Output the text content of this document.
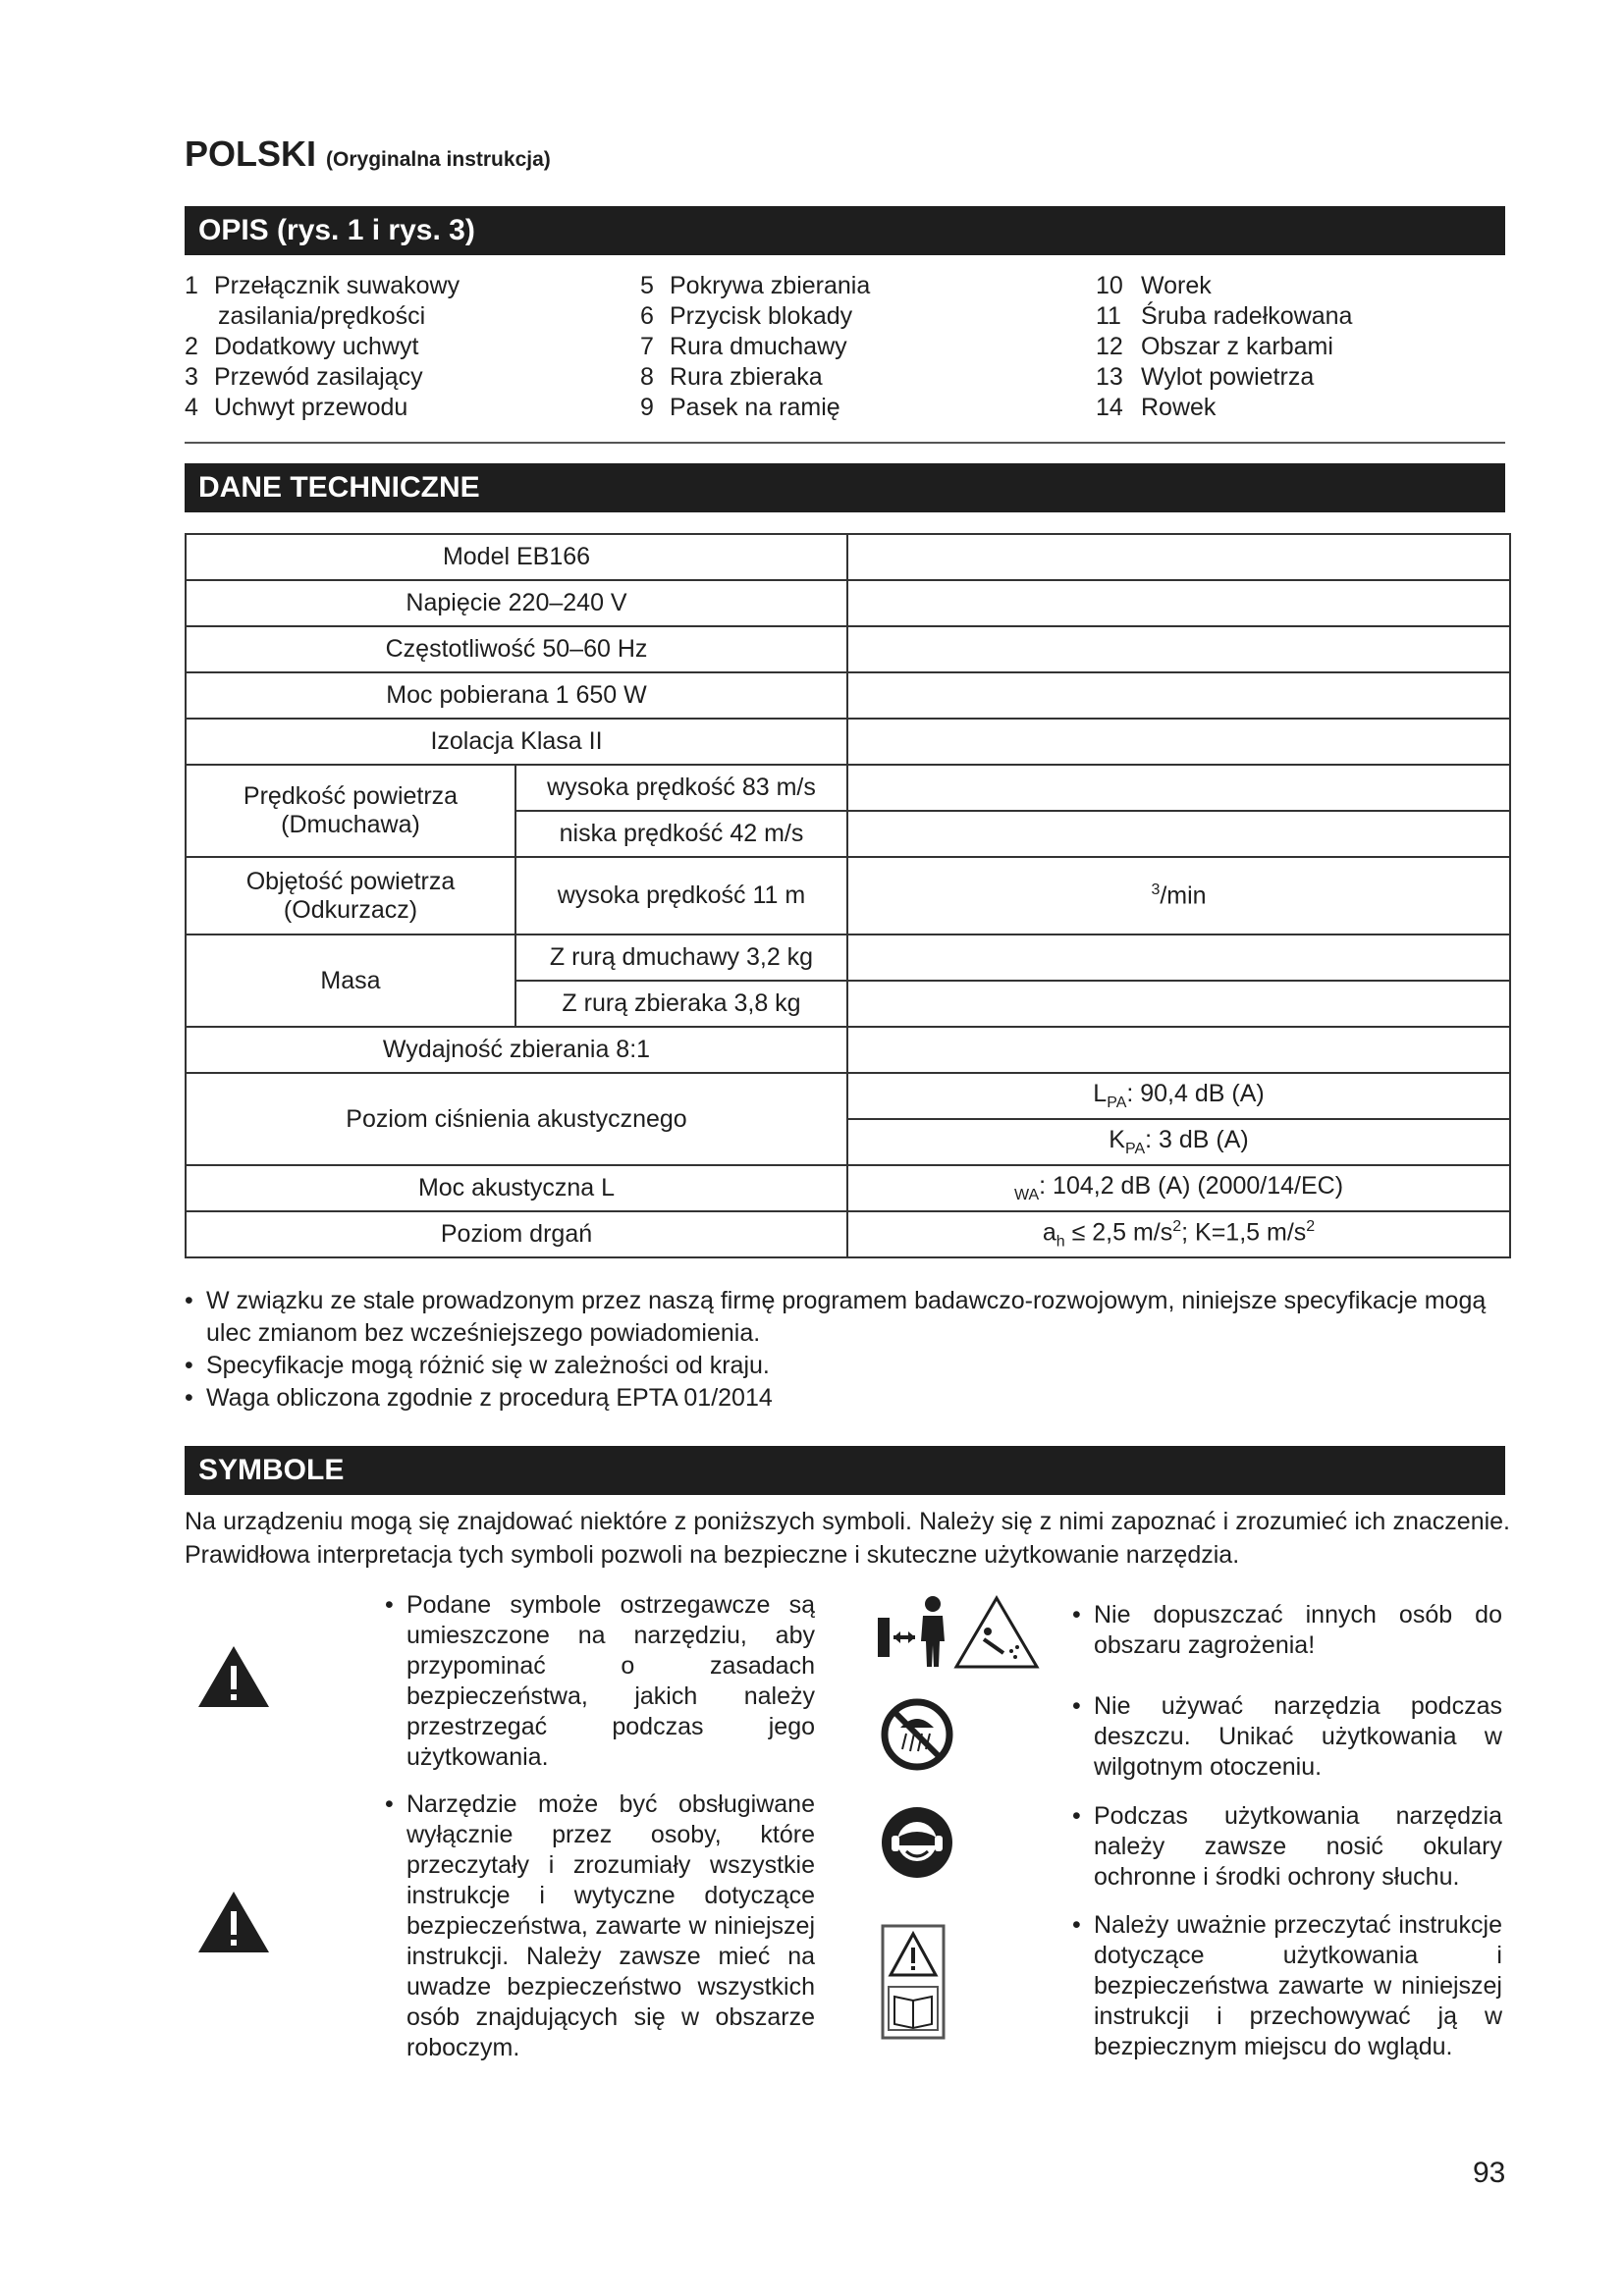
POLSKI (Oryginalna instrukcja)
OPIS (rys. 1 i rys. 3)
1 Przełącznik suwakowy
zasilania/prędkości
2 Dodatkowy uchwyt
3 Przewód zasilający
4 Uchwyt przewodu
5 Pokrywa zbierania
6 Przycisk blokady
7 Rura dmuchawy
8 Rura zbieraka
9 Pasek na ramię
10 Worek
11 Śruba radełkowana
12 Obszar z karbami
13 Wylot powietrza
14 Rowek
DANE TECHNICZNE
Model EB166		
Napięcie 220–240 V		
Częstotliwość 50–60 Hz		
Moc pobierana 1 650 W		
Izolacja Klasa II		

Prędkość powietrza
(Dmuchawa)	wysoka prędkość 83 m/s	
	niska prędkość 42 m/s	

Objętość powietrza
(Odkurzacz)	wysoka prędkość 11 m	$^3$/min
Masa	Z rurą dmuchawy 3,2 kg	
	Z rurą zbieraka 3,8 kg	
Wydajność zbierania 8:1		
Poziom ciśnienia akustycznego		$L_{PA}$: 90,4 dB (A)
		$K_{PA}$: 3 dB (A)
Moc akustyczna L		$_{WA}$: 104,2 dB (A) (2000/14/EC)
Poziom drgań		$a_h \le 2,5$ $m/s^2$; K=1,5 $m/s^2$
• W związku ze stale prowadzonym przez naszą firmę programem badawczo-rozwojowym, niniejsze specyfikacje mogą ulec zmianom bez wcześniejszego powiadomienia.
• Specyfikacje mogą różnić się w zależności od kraju.
• Waga obliczona zgodnie z procedurą EPTA 01/2014
SYMBOLE
Na urządzeniu mogą się znajdować niektóre z poniższych symboli. Należy się z nimi zapoznać i zrozumieć ich znaczenie. Prawidłowa interpretacja tych symboli pozwoli na bezpieczne i skuteczne użytkowanie narzędzia.
• Podane symbole ostrzegawcze są umieszczone na narzędziu, aby przypominać o zasadach bezpieczeństwa, jakich należy przestrzegać podczas jego użytkowania.
• Narzędzie może być obsługiwane wyłącznie przez osoby, które przeczytały i zrozumiały wszystkie instrukcje i wytyczne dotyczące bezpieczeństwa, zawarte w niniejszej instrukcji. Należy zawsze mieć na uwadze bezpieczeństwo wszystkich osób znajdujących się w obszarze roboczym.
• Nie dopuszczać innych osób do obszaru zagrożenia!
• Nie używać narzędzia podczas deszczu. Unikać użytkowania w wilgotnym otoczeniu.
• Podczas użytkowania narzędzia należy zawsze nosić okulary ochronne i środki ochrony słuchu.
• Należy uważnie przeczytać instrukcje dotyczące użytkowania i bezpieczeństwa zawarte w niniejszej instrukcji i przechowywać ją w bezpiecznym miejscu do wglądu.
93
